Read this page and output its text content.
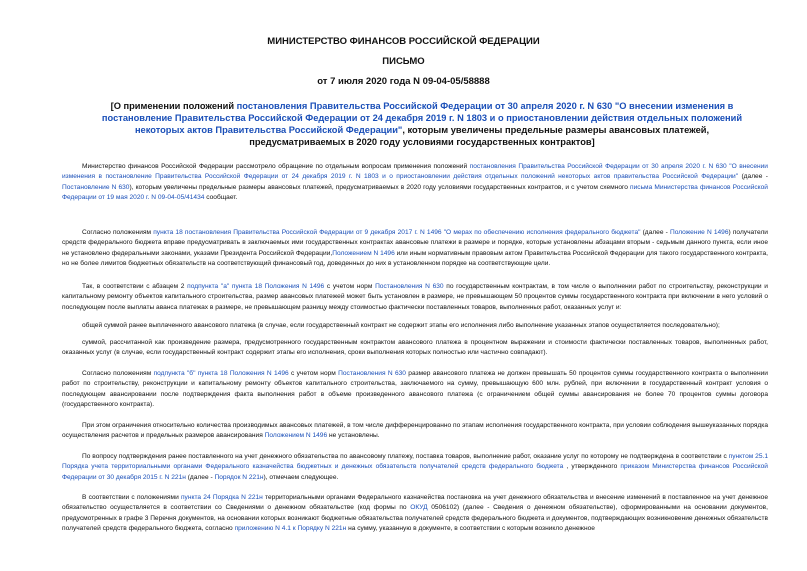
МИНИСТЕРСТВО ФИНАНСОВ РОССИЙСКОЙ ФЕДЕРАЦИИ
ПИСЬМО
от 7 июля 2020 года N 09-04-05/58888
[О применении положений постановления Правительства Российской Федерации от 30 апреля 2020 г. N 630 "О внесении изменения в постановление Правительства Российской Федерации от 24 декабря 2019 г. N 1803 и о приостановлении действия отдельных положений некоторых актов Правительства Российской Федерации", которым увеличены предельные размеры авансовых платежей, предусматриваемых в 2020 году условиями государственных контрактов]
Министерство финансов Российской Федерации рассмотрело обращение по отдельным вопросам применения положений постановления Правительства Российской Федерации от 30 апреля 2020 г. N 630 "О внесении изменения в постановление Правительства Российской Федерации от 24 декабря 2019 г. N 1803 и о приостановлении действия отдельных положений некоторых актов правительства Российской Федерации" (далее - Постановление N 630), которым увеличены предельные размеры авансовых платежей, предусматриваемых в 2020 году условиями государственных контрактов, и с учетом схемного письма Министерства финансов Российской Федерации от 19 мая 2020 г. N 09-04-05/41434 сообщает.
Согласно положениям пункта 18 постановления Правительства Российской Федерации от 9 декабря 2017 г. N 1496 "О мерах по обеспечению исполнения федерального бюджета" (далее - Положение N 1496) получатели средств федерального бюджета вправе предусматривать в заключаемых ими государственных контрактах авансовые платежи в размере и порядке, которые установлены абзацами вторым - седьмым данного пункта, если иное не установлено федеральными законами, указами Президента Российской Федерации,Положением N 1496 или иным нормативным правовым актом Правительства Российской Федерации для такого государственного контракта, но не более лимитов бюджетных обязательств на соответствующий финансовый год, доведенных до них в установленном порядке на соответствующие цели.
Так, в соответствии с абзацем 2 подпункта "а" пункта 18 Положения N 1496 с учетом норм Постановления N 630 по государственным контрактам, в том числе о выполнении работ по строительству, реконструкции и капитальному ремонту объектов капитального строительства, размер авансовых платежей может быть установлен в размере, не превышающем 50 процентов суммы государственного контракта при включении в него условий о последующем после выплаты аванса платежах в размере, не превышающем разницу между стоимостью фактически поставленных товаров, выполненных работ, оказанных услуг и:
общей суммой ранее выплаченного авансового платежа (в случае, если государственный контракт не содержит этапы его исполнения либо выполнение указанных этапов осуществляется последовательно);
суммой, рассчитанной как произведение размера, предусмотренного государственным контрактом авансового платежа в процентном выражении и стоимости фактически поставленных товаров, выполненных работ, оказанных услуг (в случае, если государственный контракт содержит этапы его исполнения, сроки выполнения которых полностью или частично совпадают).
Согласно положениям подпункта "б" пункта 18 Положения N 1496 с учетом норм Постановления N 630 размер авансового платежа не должен превышать 50 процентов суммы государственного контракта о выполнении работ по строительству, реконструкции и капитальному ремонту объектов капитального строительства, заключаемого на сумму, превышающую 600 млн. рублей, при включении в государственный контракт условия о последующем авансировании после подтверждения факта выполнения работ в объеме произведенного авансового платежа (с ограничением общей суммы авансирования не более 70 процентов суммы договора (государственного контракта).
При этом ограничения относительно количества производимых авансовых платежей, в том числе дифференцированно по этапам исполнения государственного контракта, при условии соблюдения вышеуказанных порядка осуществления расчетов и предельных размеров авансирования Положением N 1496 не установлены.
По вопросу подтверждения ранее поставленного на учет денежного обязательства по авансовому платежу, поставка товаров, выполнение работ, оказание услуг по которому не подтверждена в соответствии с пунктом 25.1 Порядка учета территориальными органами Федерального казначейства бюджетных и денежных обязательств получателей средств федерального бюджета , утвержденного приказом Министерства финансов Российской Федерации от 30 декабря 2015 г. N 221н (далее - Порядок N 221н), отмечаем следующее.
В соответствии с положениями пункта 24 Порядка N 221н территориальными органами Федерального казначейства постановка на учет денежного обязательства и внесение изменений в поставленное на учет денежное обязательство осуществляется в соответствии со Сведениями о денежном обязательстве (код формы по ОКУД 0506102) (далее - Сведения о денежном обязательстве), сформированными на основании документов, предусмотренных в графе 3 Перечня документов, на основании которых возникают бюджетные обязательства получателей средств федерального бюджета и документов, подтверждающих возникновение денежных обязательств получателей средств федерального бюджета, согласно приложению N 4.1 к Порядку N 221н на сумму, указанную в документе, в соответствии с которым возникло денежное
